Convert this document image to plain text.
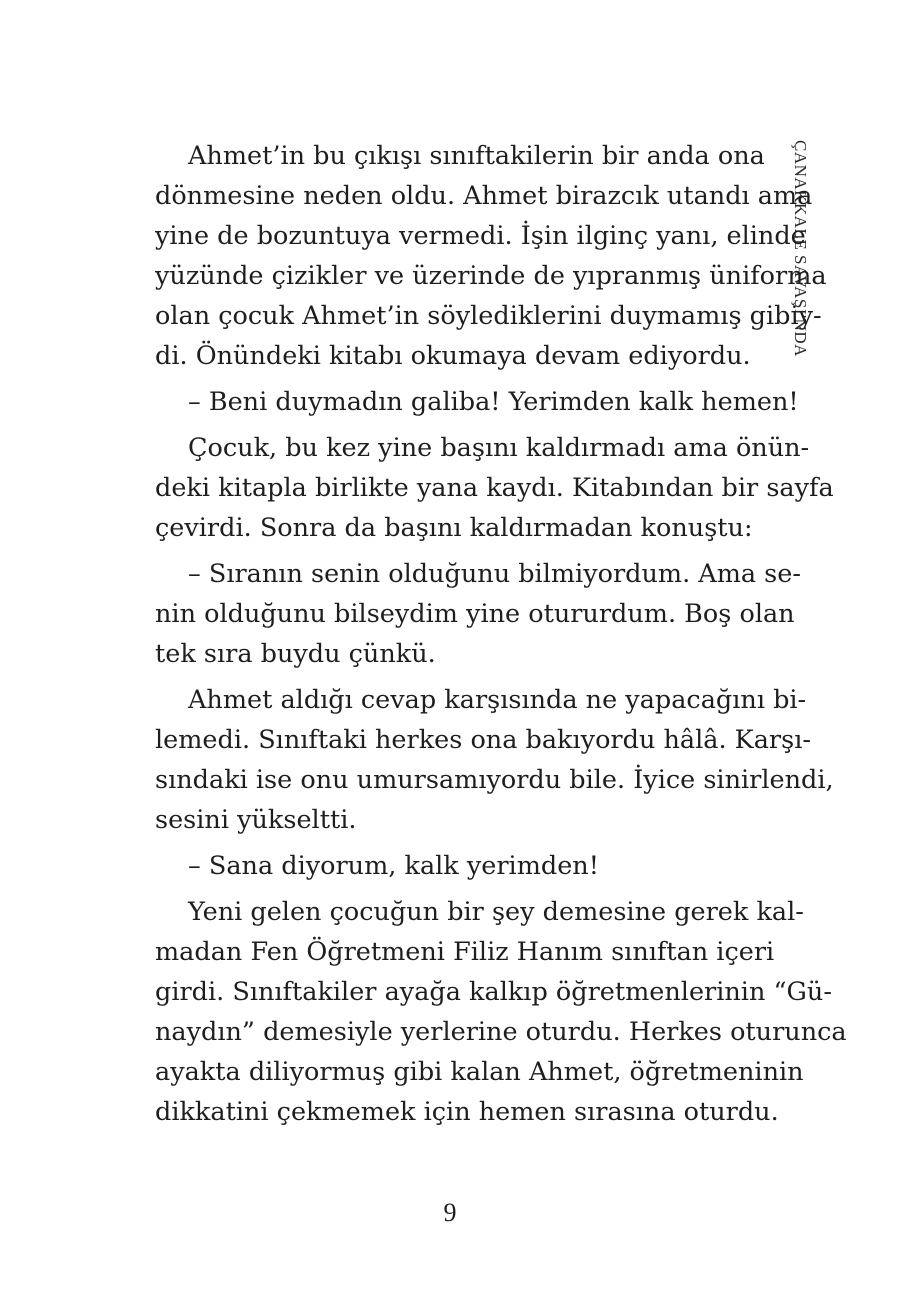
ÇANAKKALE SAVAŞI'NDA
Ahmet’in bu çıkışı sınıftakilerin bir anda ona
dönmesine neden oldu. Ahmet birazcık utandı ama
yine de bozuntuya vermedi. İşin ilginç yanı, elinde
yüzünde çizikler ve üzerinde de yıpranmış üniforma
olan çocuk Ahmet’in söylediklerini duymamış gibiy-
di. Önündeki kitabı okumaya devam ediyordu.
– Beni duymadın galiba! Yerimden kalk hemen!
Çocuk, bu kez yine başını kaldırmadı ama önün-
deki kitapla birlikte yana kaydı. Kitabından bir sayfa
çevirdi. Sonra da başını kaldırmadan konuştu:
– Sıranın senin olduğunu bilmiyordum. Ama se-
nin olduğunu bilseydim yine otururdum. Boş olan
tek sıra buydu çünkü.
Ahmet aldığı cevap karşısında ne yapacağını bi-
lemedi. Sınıftaki herkes ona bakıyordu hâlâ. Karşı-
sındaki ise onu umursamıyordu bile. İyice sinirlendi,
sesini yükseltti.
– Sana diyorum, kalk yerimden!
Yeni gelen çocuğun bir şey demesine gerek kal-
madan Fen Öğretmeni Filiz Hanım sınıftan içeri
girdi. Sınıftakiler ayağa kalkıp öğretmenlerinin “Gü-
naydın” demesiyle yerlerine oturdu. Herkes oturunca
ayakta diliyormuş gibi kalan Ahmet, öğretmeninin
dikkatini çekmemek için hemen sırasına oturdu.
9
